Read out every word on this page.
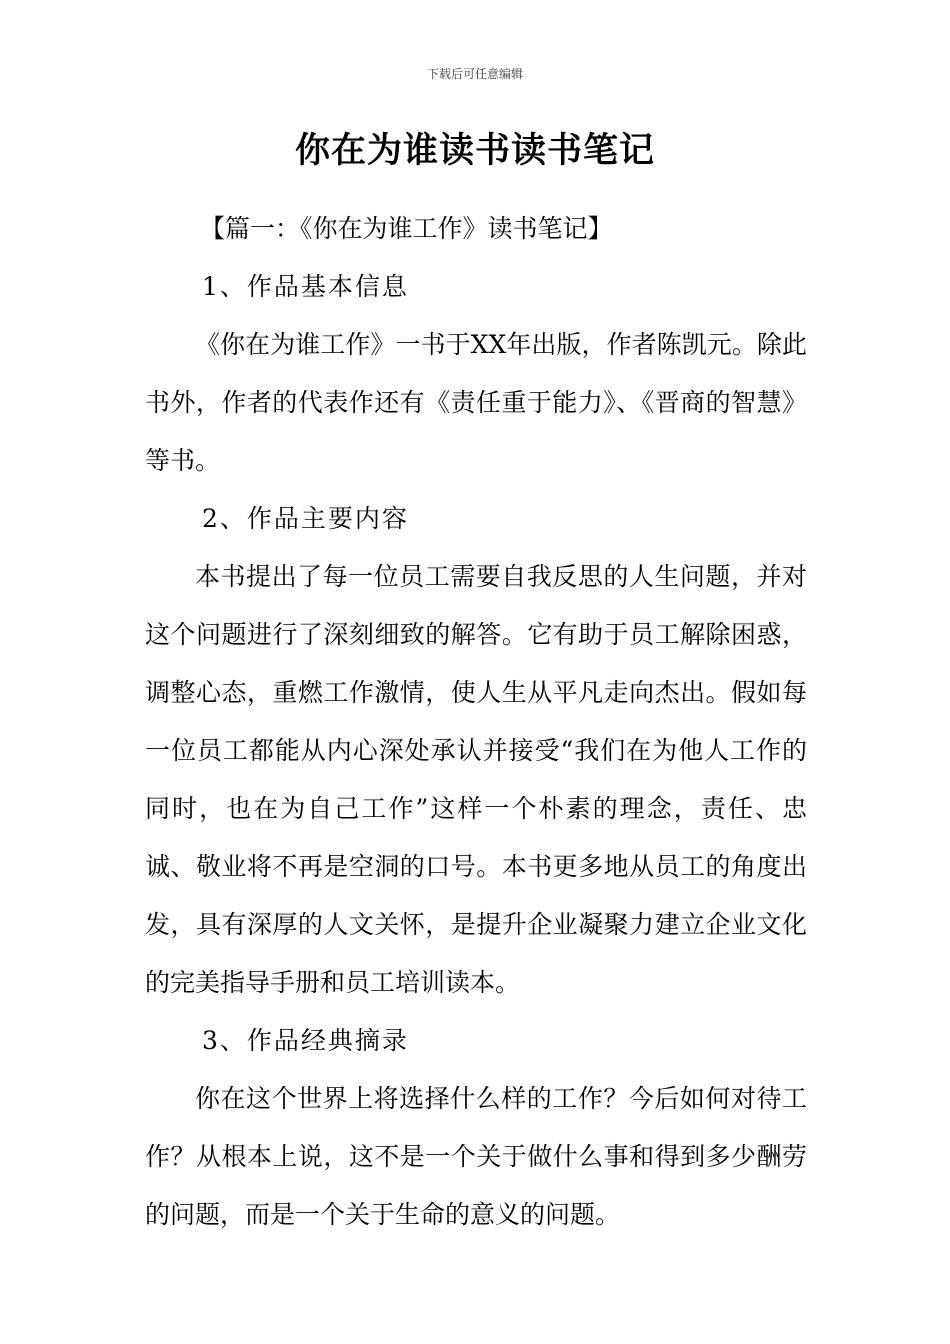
下载后可任意编辑
你在为谁读书读书笔记

【篇一：《你在为谁工作》读书笔记】

1、作品基本信息

《你在为谁工作》一书于XX年出版，作者陈凯元。除此书外，作者的代表作还有《责任重于能力》、《晋商的智慧》等书。

2、作品主要内容

本书提出了每一位员工需要自我反思的人生问题，并对这个问题进行了深刻细致的解答。它有助于员工解除困惑，调整心态，重燃工作激情，使人生从平凡走向杰出。假如每一位员工都能从内心深处承认并接受“我们在为他人工作的同时，也在为自己工作”这样一个朴素的理念，责任、忠诚、敬业将不再是空洞的口号。本书更多地从员工的角度出发，具有深厚的人文关怀，是提升企业凝聚力建立企业文化的完美指导手册和员工培训读本。

3、作品经典摘录

你在这个世界上将选择什么样的工作？今后如何对待工作？从根本上说，这不是一个关于做什么事和得到多少酬劳的问题，而是一个关于生命的意义的问题。
